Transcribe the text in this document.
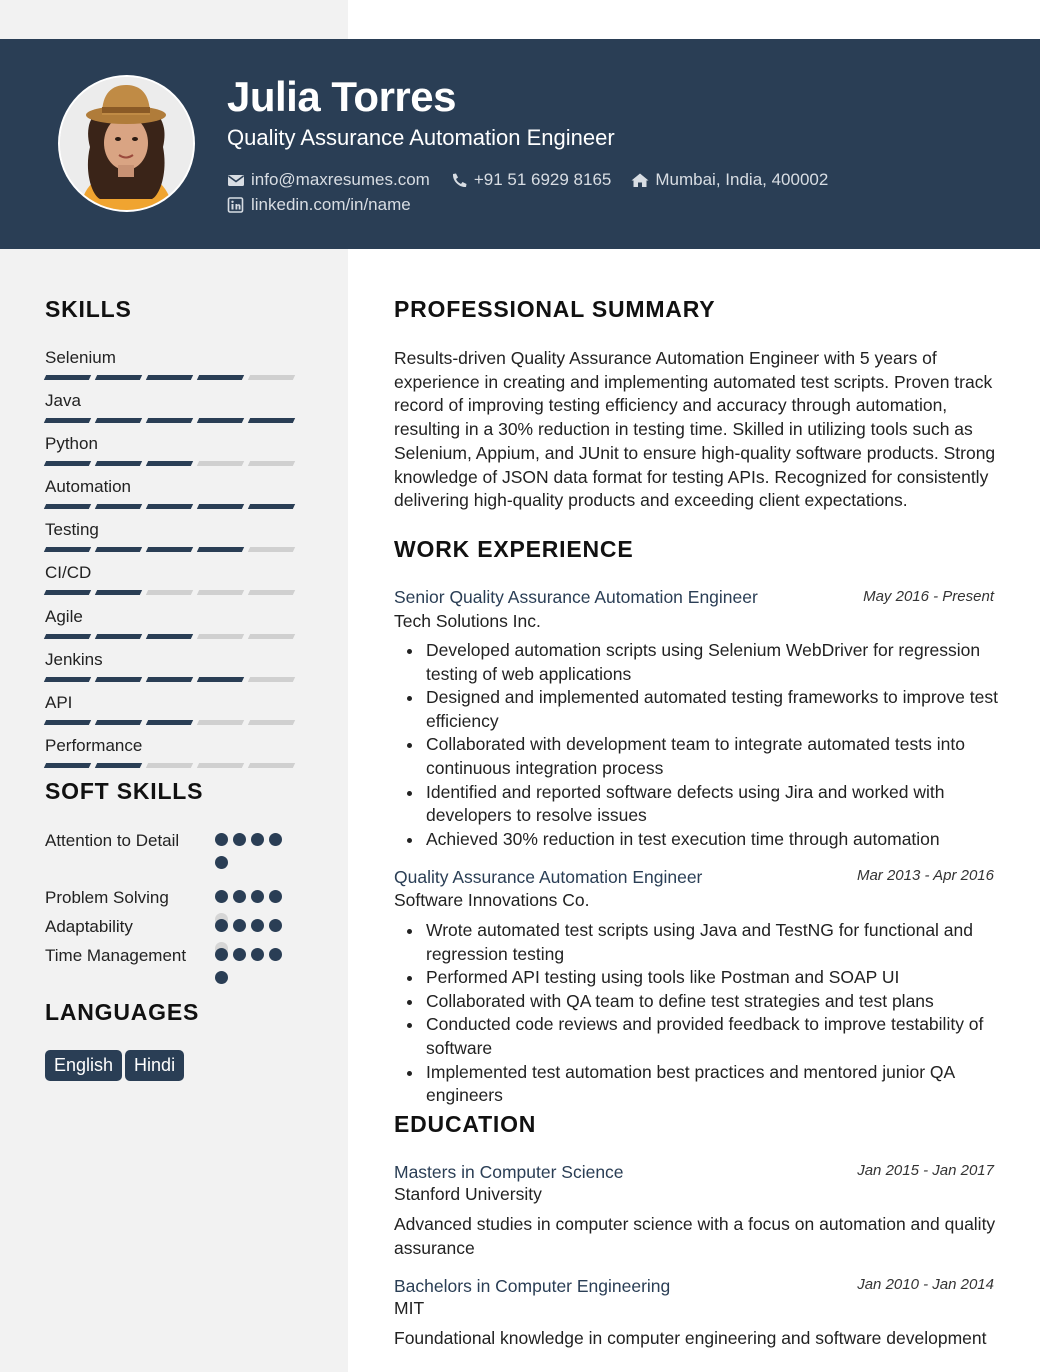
Julia Torres
Quality Assurance Automation Engineer
info@maxresumes.com	+91 51 6929 8165	Mumbai, India, 400002
linkedin.com/in/name
SKILLS
Selenium
Java
Python
Automation
Testing
CI/CD
Agile
Jenkins
API
Performance
SOFT SKILLS
Attention to Detail
Problem Solving
Adaptability
Time Management
LANGUAGES
English Hindi
PROFESSIONAL SUMMARY
Results-driven Quality Assurance Automation Engineer with 5 years of experience in creating and implementing automated test scripts. Proven track record of improving testing efficiency and accuracy through automation, resulting in a 30% reduction in testing time. Skilled in utilizing tools such as Selenium, Appium, and JUnit to ensure high-quality software products. Strong knowledge of JSON data format for testing APIs. Recognized for consistently delivering high-quality products and exceeding client expectations.
WORK EXPERIENCE
Senior Quality Assurance Automation Engineer	May 2016 - Present
Tech Solutions Inc.
Developed automation scripts using Selenium WebDriver for regression testing of web applications
Designed and implemented automated testing frameworks to improve test efficiency
Collaborated with development team to integrate automated tests into continuous integration process
Identified and reported software defects using Jira and worked with developers to resolve issues
Achieved 30% reduction in test execution time through automation
Quality Assurance Automation Engineer	Mar 2013 - Apr 2016
Software Innovations Co.
Wrote automated test scripts using Java and TestNG for functional and regression testing
Performed API testing using tools like Postman and SOAP UI
Collaborated with QA team to define test strategies and test plans
Conducted code reviews and provided feedback to improve testability of software
Implemented test automation best practices and mentored junior QA engineers
EDUCATION
Masters in Computer Science	Jan 2015 - Jan 2017
Stanford University
Advanced studies in computer science with a focus on automation and quality assurance
Bachelors in Computer Engineering	Jan 2010 - Jan 2014
MIT
Foundational knowledge in computer engineering and software development
